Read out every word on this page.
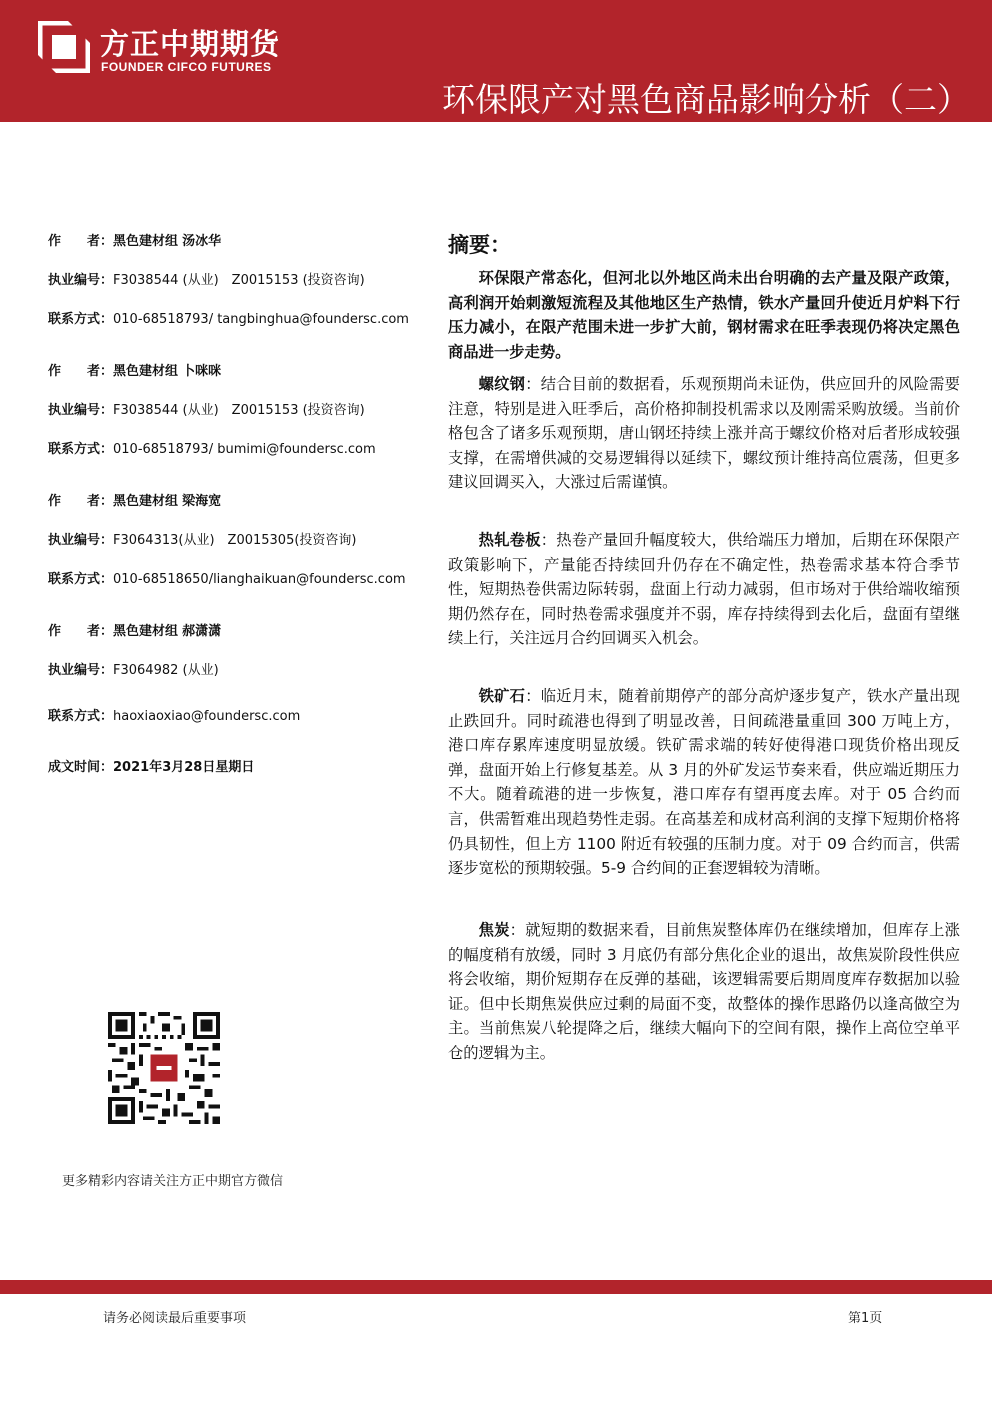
方正中期期货
FOUNDER CIFCO FUTURES
环保限产对黑色商品影响分析（二）
作　　者：黑色建材组 汤冰华
执业编号：F3038544 (从业)　Z0015153 (投资咨询)
联系方式：010-68518793/ tangbinghua@foundersc.com
作　　者：黑色建材组 卜咪咪
执业编号：F3038544 (从业)　Z0015153 (投资咨询)
联系方式：010-68518793/ bumimi@foundersc.com
作　　者：黑色建材组 梁海宽
执业编号：F3064313(从业)　Z0015305(投资咨询)
联系方式：010-68518650/lianghaikuan@foundersc.com
作　　者：黑色建材组 郝潇潇
执业编号：F3064982 (从业)
联系方式：haoxiaoxiao@foundersc.com
成文时间：2021年3月28日星期日
更多精彩内容请关注方正中期官方微信
摘要：

环保限产常态化，但河北以外地区尚未出台明确的去产量及限产政策，高利润开始刺激短流程及其他地区生产热情，铁水产量回升使近月炉料下行压力减小，在限产范围未进一步扩大前，钢材需求在旺季表现仍将决定黑色商品进一步走势。

螺纹钢：结合目前的数据看，乐观预期尚未证伪，供应回升的风险需要注意，特别是进入旺季后，高价格抑制投机需求以及刚需采购放缓。当前价格包含了诸多乐观预期，唐山钢坯持续上涨并高于螺纹价格对后者形成较强支撑，在需增供减的交易逻辑得以延续下，螺纹预计维持高位震荡，但更多建议回调买入，大涨过后需谨慎。

热轧卷板：热卷产量回升幅度较大，供给端压力增加，后期在环保限产政策影响下，产量能否持续回升仍存在不确定性，热卷需求基本符合季节性，短期热卷供需边际转弱，盘面上行动力减弱，但市场对于供给端收缩预期仍然存在，同时热卷需求强度并不弱，库存持续得到去化后，盘面有望继续上行，关注远月合约回调买入机会。

铁矿石：临近月末，随着前期停产的部分高炉逐步复产，铁水产量出现止跌回升。同时疏港也得到了明显改善，日间疏港量重回 300 万吨上方，港口库存累库速度明显放缓。铁矿需求端的转好使得港口现货价格出现反弹，盘面开始上行修复基差。从 3 月的外矿发运节奏来看，供应端近期压力不大。随着疏港的进一步恢复，港口库存有望再度去库。对于 05 合约而言，供需暂难出现趋势性走弱。在高基差和成材高利润的支撑下短期价格将仍具韧性，但上方 1100 附近有较强的压制力度。对于 09 合约而言，供需逐步宽松的预期较强。5-9 合约间的正套逻辑较为清晰。

焦炭：就短期的数据来看，目前焦炭整体库仍在继续增加，但库存上涨的幅度稍有放缓，同时 3 月底仍有部分焦化企业的退出，故焦炭阶段性供应将会收缩，期价短期存在反弹的基础，该逻辑需要后期周度库存数据加以验证。但中长期焦炭供应过剩的局面不变，故整体的操作思路仍以逢高做空为主。当前焦炭八轮提降之后，继续大幅向下的空间有限，操作上高位空单平仓的逻辑为主。

请务必阅读最后重要事项	第1页
